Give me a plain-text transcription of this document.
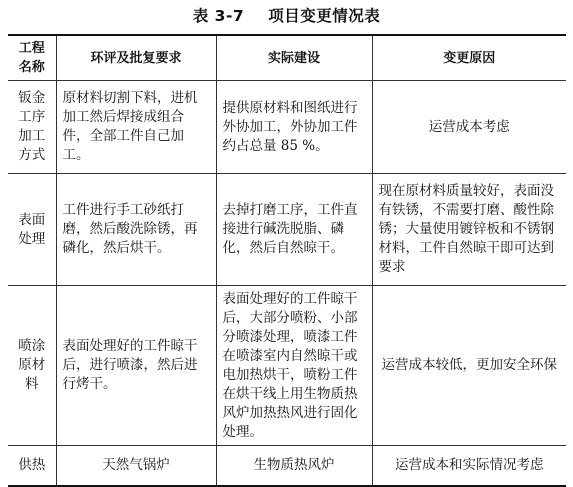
表 3-7 项目变更情况表
工程名称	环评及批复要求	实际建设	变更原因
钣金工序加工方式	原材料切割下料，进机加工然后焊接成组合件，全部工件自己加工。	提供原材料和图纸进行外协加工，外协加工件约占总量 85 %。	运营成本考虑
表面处理	工件进行手工砂纸打磨，然后酸洗除锈，再磷化，然后烘干。	去掉打磨工序，工件直接进行碱洗脱脂、磷化，然后自然晾干。	现在原材料质量较好，表面没有铁锈，不需要打磨、酸性除锈；大量使用镀锌板和不锈钢材料，工件自然晾干即可达到要求
喷涂原材料	表面处理好的工件晾干后，进行喷漆，然后进行烤干。	表面处理好的工件晾干后，大部分喷粉、小部分喷漆处理，喷漆工件在喷漆室内自然晾干或电加热烘干，喷粉工件在烘干线上用生物质热风炉加热热风进行固化处理。	运营成本较低，更加安全环保
供热	天然气锅炉	生物质热风炉	运营成本和实际情况考虑
